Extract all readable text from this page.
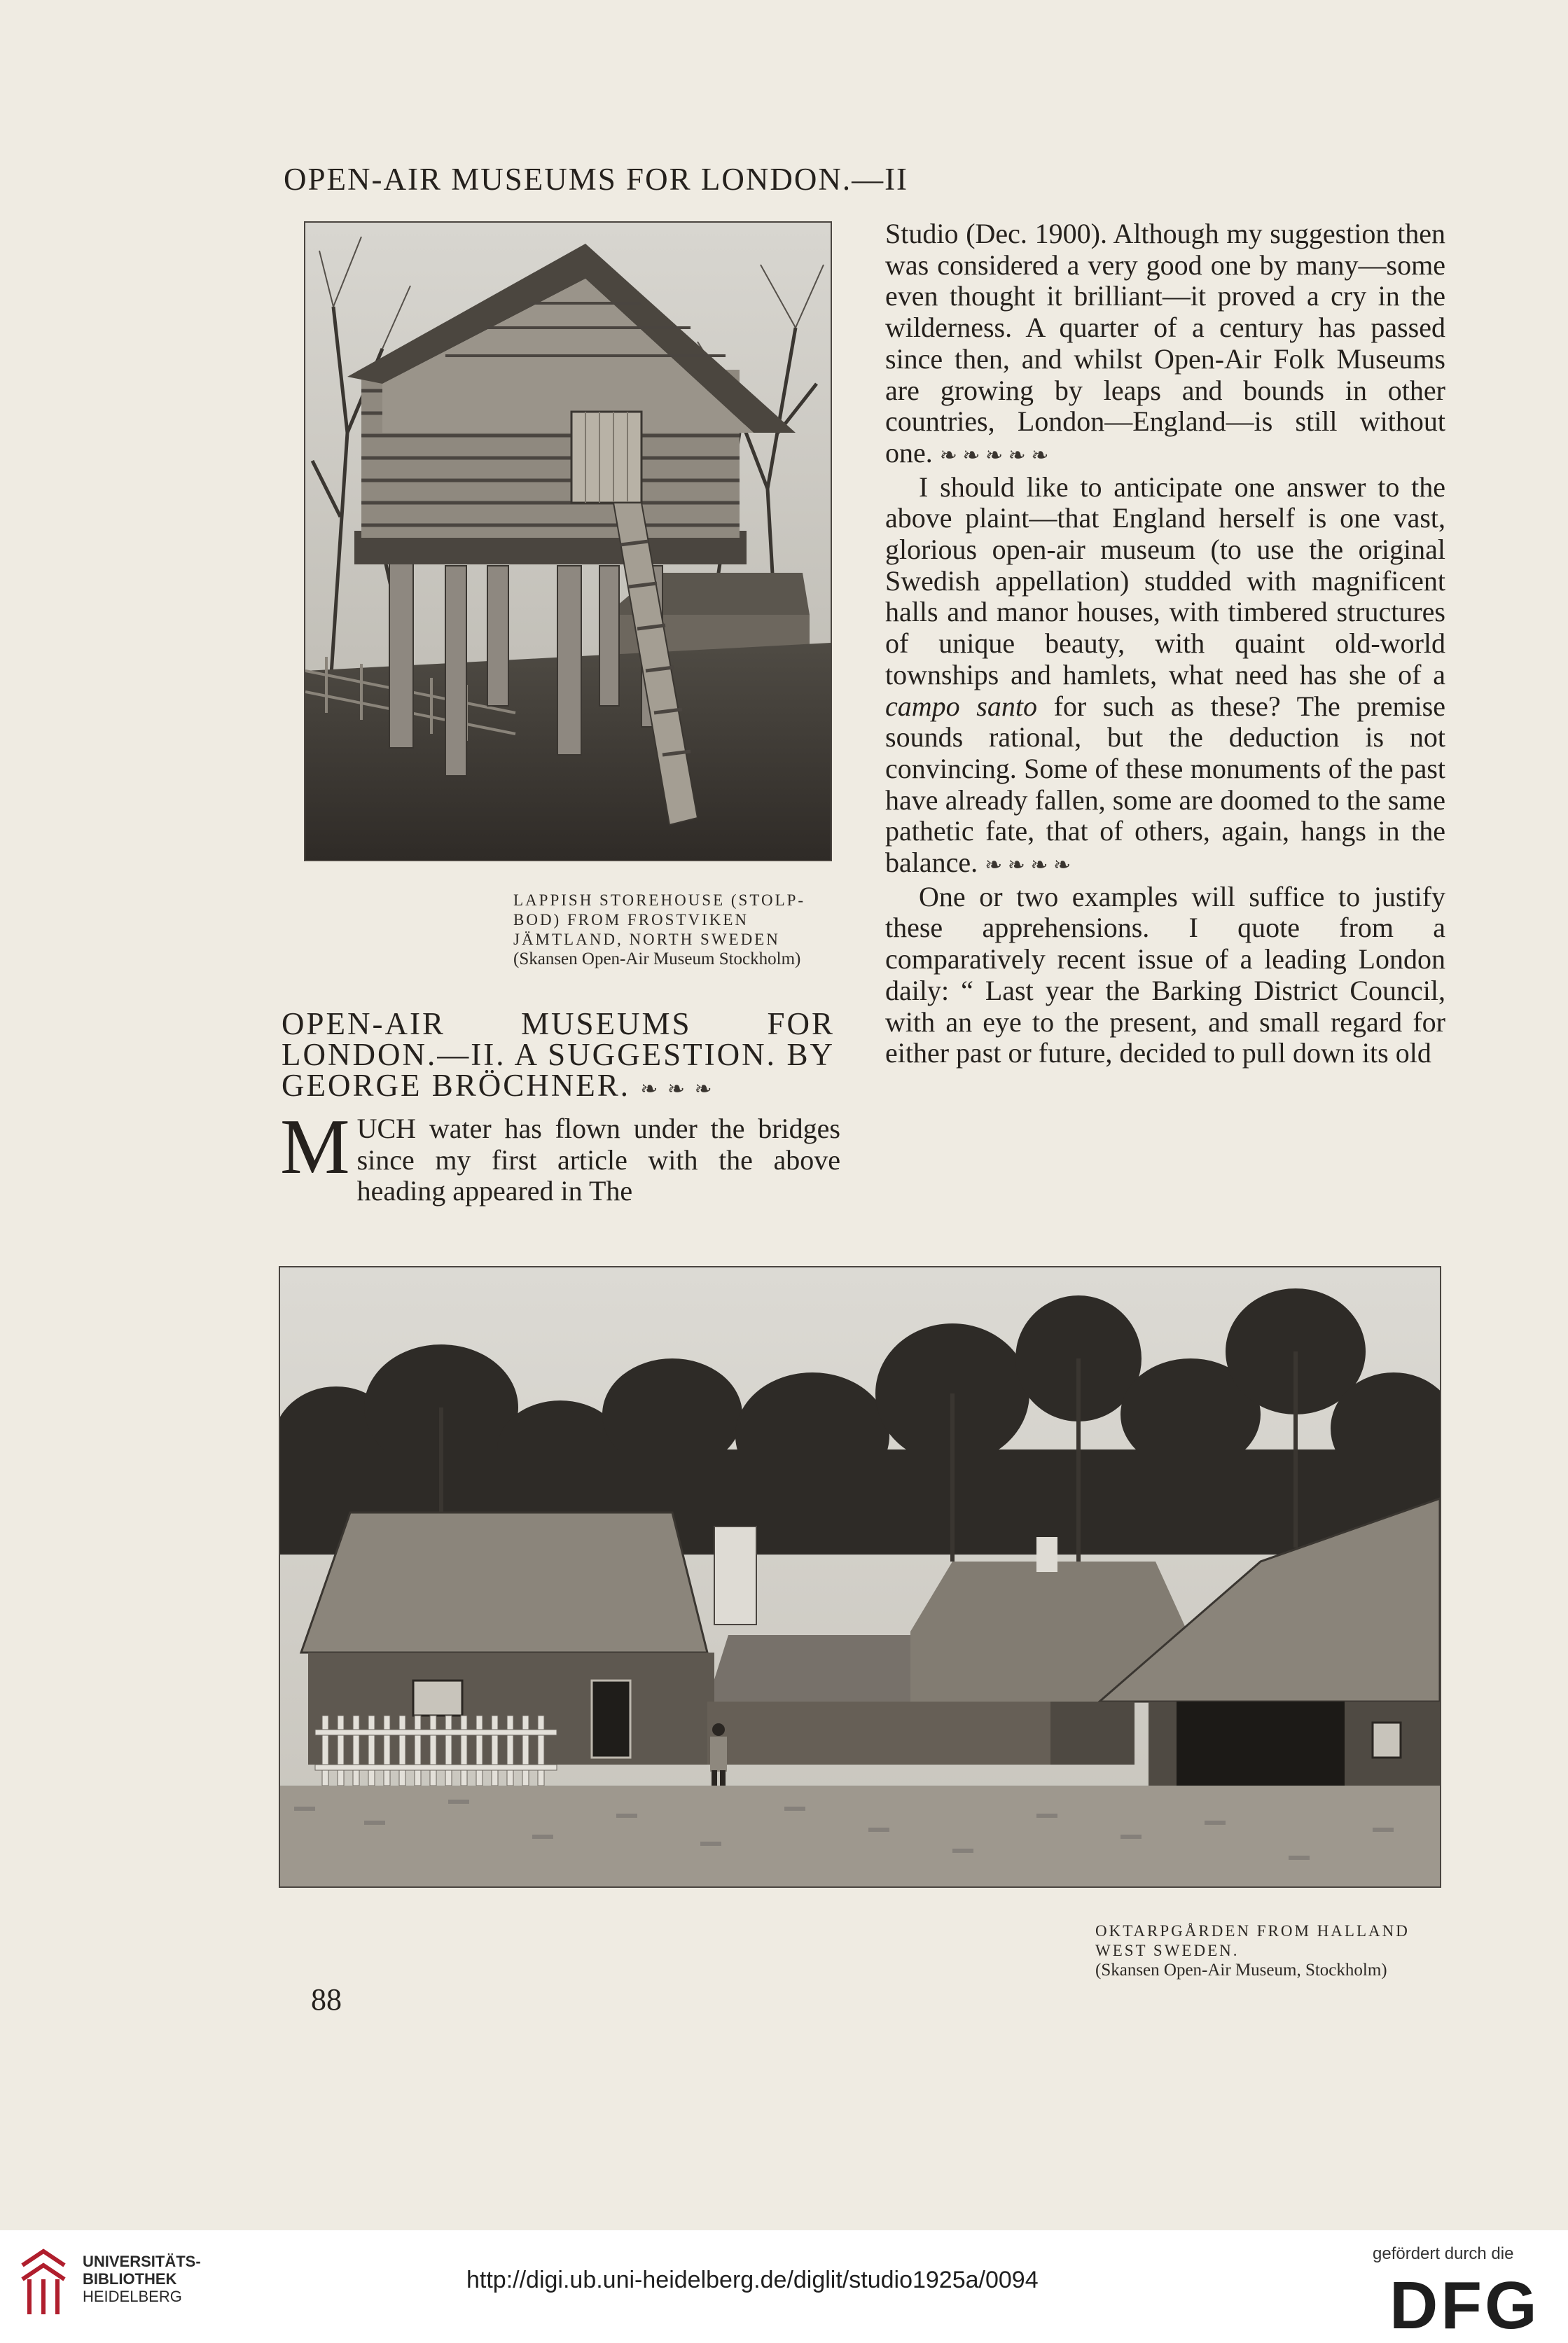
OPEN-AIR MUSEUMS FOR LONDON.—II
LAPPISH STOREHOUSE (STOLP-BOD) FROM FROSTVIKEN JÄMTLAND, NORTH SWEDEN
(Skansen Open-Air Museum Stockholm)
OPEN-AIR MUSEUMS FOR LONDON.—II. A SUGGESTION. BY GEORGE BRÖCHNER. ❧ ❧ ❧

MUCH water has flown under the bridges since my first article with the above heading appeared in The

Studio (Dec. 1900). Although my suggestion then was considered a very good one by many—some even thought it brilliant—it proved a cry in the wilderness. A quarter of a century has passed since then, and whilst Open-Air Folk Museums are growing by leaps and bounds in other countries, London—England—is still without one. ❧ ❧ ❧ ❧ ❧

I should like to anticipate one answer to the above plaint—that England herself is one vast, glorious open-air museum (to use the original Swedish appellation) studded with magnificent halls and manor houses, with timbered structures of unique beauty, with quaint old-world townships and hamlets, what need has she of a campo santo for such as these? The premise sounds rational, but the deduction is not convincing. Some of these monuments of the past have already fallen, some are doomed to the same pathetic fate, that of others, again, hangs in the balance. ❧ ❧ ❧ ❧

One or two examples will suffice to justify these apprehensions. I quote from a comparatively recent issue of a leading London daily: “ Last year the Barking District Council, with an eye to the present, and small regard for either past or future, decided to pull down its old

OKTARPGÅRDEN FROM HALLAND WEST SWEDEN.
(Skansen Open-Air Museum, Stockholm)
88
UNIVERSITÄTS-
BIBLIOTHEK
HEIDELBERG
http://digi.ub.uni-heidelberg.de/diglit/studio1925a/0094
gefördert durch die
DFG
